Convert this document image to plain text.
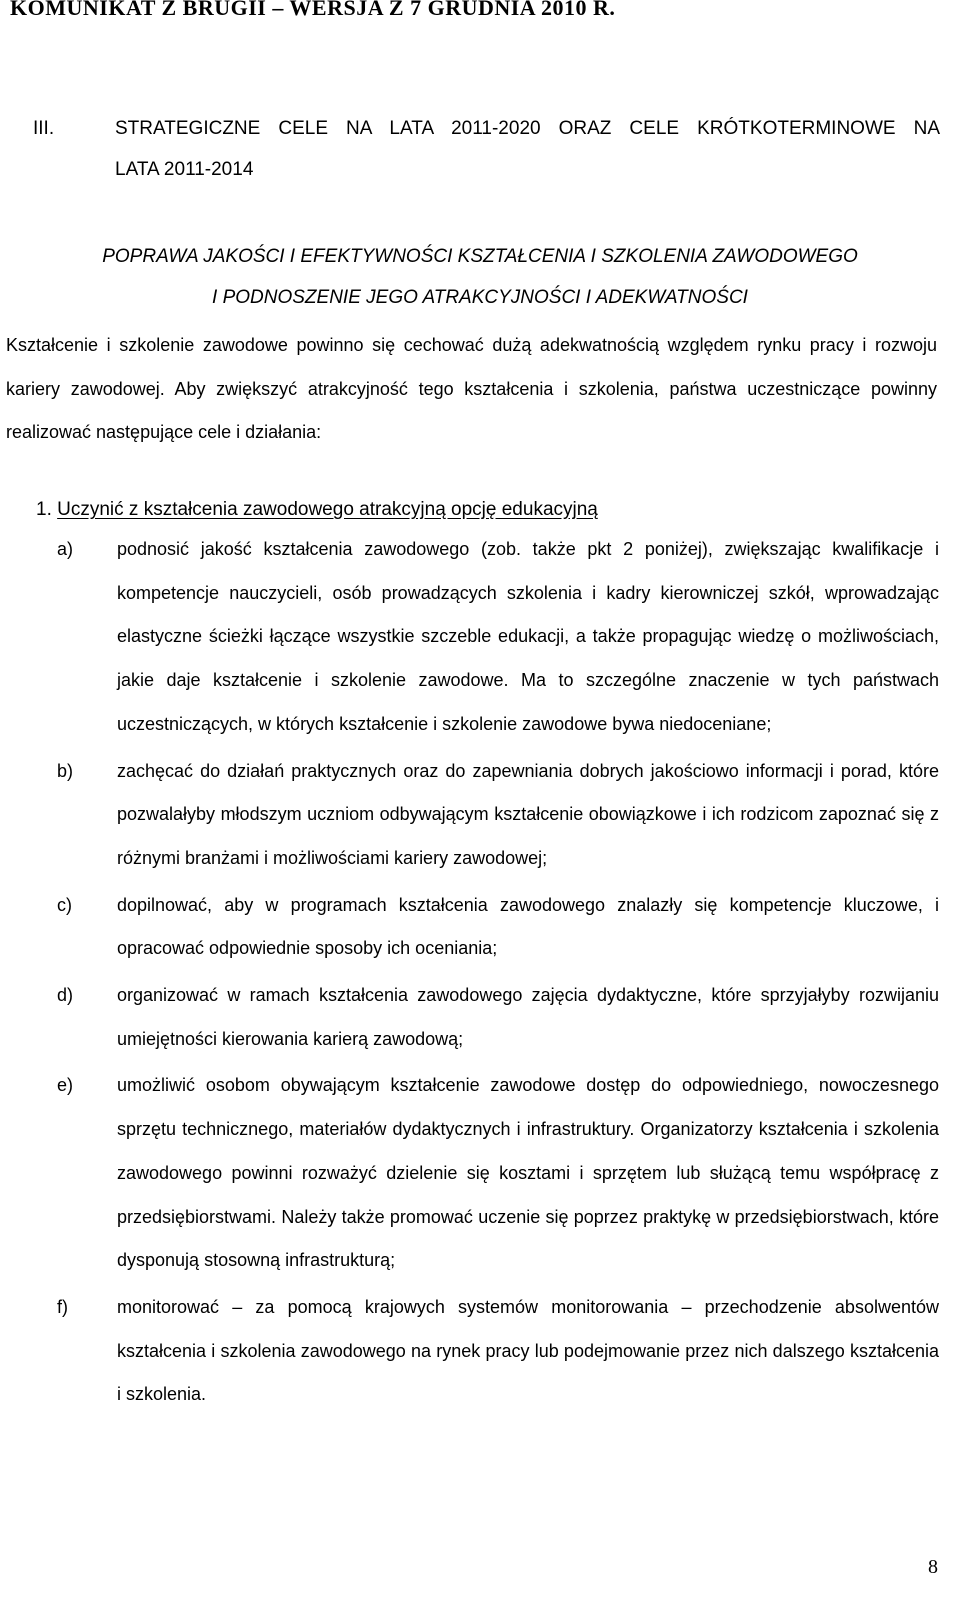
KOMUNIKAT Z BRUGII – WERSJA Z 7 GRUDNIA 2010 R.
III.	STRATEGICZNE CELE NA LATA 2011-2020 ORAZ CELE KRÓTKOTERMINOWE NA
LATA 2011-2014
POPRAWA JAKOŚCI I EFEKTYWNOŚCI KSZTAŁCENIA I SZKOLENIA ZAWODOWEGO
I PODNOSZENIE JEGO ATRAKCYJNOŚCI I ADEKWATNOŚCI

Kształcenie i szkolenie zawodowe powinno się cechować dużą adekwatnością względem rynku pracy i rozwoju kariery zawodowej. Aby zwiększyć atrakcyjność tego kształcenia i szkolenia, państwa uczestniczące powinny realizować następujące cele i działania:

1. Uczynić z kształcenia zawodowego atrakcyjną opcję edukacyjną
a) podnosić jakość kształcenia zawodowego (zob. także pkt 2 poniżej), zwiększając kwalifikacje i kompetencje nauczycieli, osób prowadzących szkolenia i kadry kierowniczej szkół, wprowadzając elastyczne ścieżki łączące wszystkie szczeble edukacji, a także propagując wiedzę o możliwościach, jakie daje kształcenie i szkolenie zawodowe. Ma to szczególne znaczenie w tych państwach uczestniczących, w których kształcenie i szkolenie zawodowe bywa niedoceniane;
b) zachęcać do działań praktycznych oraz do zapewniania dobrych jakościowo informacji i porad, które pozwalałyby młodszym uczniom odbywającym kształcenie obowiązkowe i ich rodzicom zapoznać się z różnymi branżami i możliwościami kariery zawodowej;
c)	dopilnować, aby w programach kształcenia zawodowego znalazły się kompetencje kluczowe, i opracować odpowiednie sposoby ich oceniania;
d) organizować w ramach kształcenia zawodowego zajęcia dydaktyczne, które sprzyjałyby rozwijaniu umiejętności kierowania karierą zawodową;
e) umożliwić osobom obywającym kształcenie zawodowe dostęp do odpowiedniego, nowoczesnego sprzętu technicznego, materiałów dydaktycznych i infrastruktury. Organizatorzy kształcenia i szkolenia zawodowego powinni rozważyć dzielenie się kosztami i sprzętem lub służącą temu współpracę z przedsiębiorstwami. Należy także promować uczenie się poprzez praktykę w przedsiębiorstwach, które dysponują stosowną infrastrukturą;
f)	monitorować – za pomocą krajowych systemów monitorowania – przechodzenie absolwentów kształcenia i szkolenia zawodowego na rynek pracy lub podejmowanie przez nich dalszego kształcenia i szkolenia.
8
